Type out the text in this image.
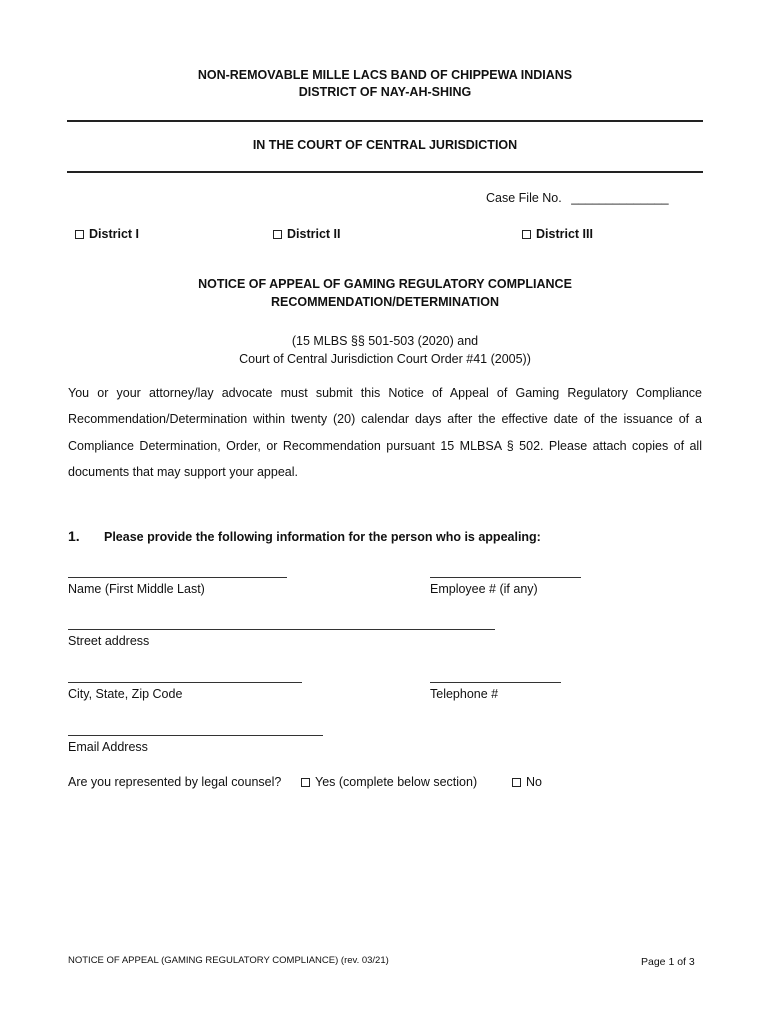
NON-REMOVABLE MILLE LACS BAND OF CHIPPEWA INDIANS
DISTRICT OF NAY-AH-SHING
IN THE COURT OF CENTRAL JURISDICTION
Case File No. ______________
District I	District II	District III
NOTICE OF APPEAL OF GAMING REGULATORY COMPLIANCE
RECOMMENDATION/DETERMINATION
(15 MLBS §§ 501-503 (2020) and
Court of Central Jurisdiction Court Order #41 (2005))
You or your attorney/lay advocate must submit this Notice of Appeal of Gaming Regulatory Compliance Recommendation/Determination within twenty (20) calendar days after the effective date of the issuance of a Compliance Determination, Order, or Recommendation pursuant 15 MLBSA § 502. Please attach copies of all documents that may support your appeal.
1. Please provide the following information for the person who is appealing:
Name (First Middle Last)	Employee # (if any)
Street address
City, State, Zip Code	Telephone #
Email Address
Are you represented by legal counsel?	Yes (complete below section)	No
NOTICE OF APPEAL (GAMING REGULATORY COMPLIANCE) (rev. 03/21)	Page 1 of 3
